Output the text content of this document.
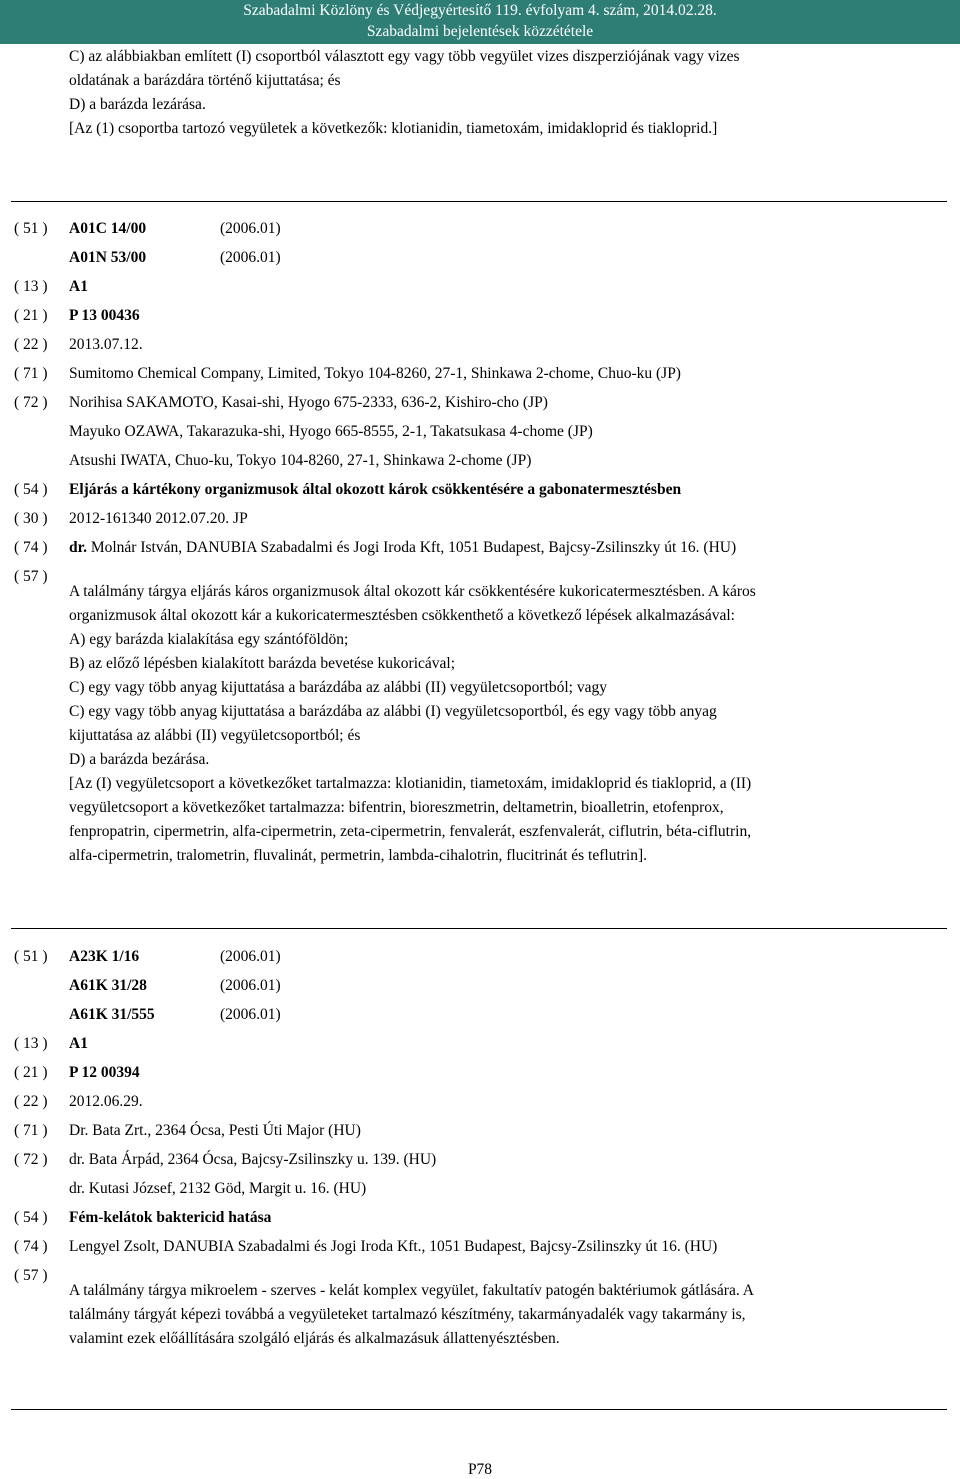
Szabadalmi Közlöny és Védjegyértesítő 119. évfolyam 4. szám, 2014.02.28.
Szabadalmi bejelentések közzététele
C) az alábbiakban említett (I) csoportból választott egy vagy több vegyület vizes diszperziójának vagy vizes
oldatának a barázdára történő kijuttatása; és
D) a barázda lezárása.
[Az (1) csoportba tartozó vegyületek a következők: klotianidin, tiametoxám, imidakloprid és tiakloprid.]
( 51 ) A01C 14/00	(2006.01)
A01N 53/00	(2006.01)
( 13 ) A1
( 21 ) P 13 00436
( 22 ) 2013.07.12.
( 71 ) Sumitomo Chemical Company, Limited, Tokyo 104-8260, 27-1, Shinkawa 2-chome, Chuo-ku (JP)
( 72 ) Norihisa SAKAMOTO, Kasai-shi, Hyogo 675-2333, 636-2, Kishiro-cho (JP)
Mayuko OZAWA, Takarazuka-shi, Hyogo 665-8555, 2-1, Takatsukasa 4-chome (JP)
Atsushi IWATA, Chuo-ku, Tokyo 104-8260, 27-1, Shinkawa 2-chome (JP)
( 54 ) Eljárás a kártékony organizmusok által okozott károk csökkentésére a gabonatermesztésben
( 30 ) 2012-161340 2012.07.20. JP
( 74 ) dr. Molnár István, DANUBIA Szabadalmi és Jogi Iroda Kft, 1051 Budapest, Bajcsy-Zsilinszky út 16. (HU)
( 57 )
A találmány tárgya eljárás káros organizmusok által okozott kár csökkentésére kukoricatermesztésben. A káros
organizmusok által okozott kár a kukoricatermesztésben csökkenthető a következő lépések alkalmazásával:
A) egy barázda kialakítása egy szántóföldön;
B) az előző lépésben kialakított barázda bevetése kukoricával;
C) egy vagy több anyag kijuttatása a barázdába az alábbi (II) vegyületcsoportból; vagy
C) egy vagy több anyag kijuttatása a barázdába az alábbi (I) vegyületcsoportból, és egy vagy több anyag
kijuttatása az alábbi (II) vegyületcsoportból; és
D) a barázda bezárása.
[Az (I) vegyületcsoport a következőket tartalmazza: klotianidin, tiametoxám, imidakloprid és tiakloprid, a (II)
vegyületcsoport a következőket tartalmazza: bifentrin, bioreszmetrin, deltametrin, bioalletrin, etofenprox,
fenpropatrin, cipermetrin, alfa-cipermetrin, zeta-cipermetrin, fenvalerát, eszfenvalerát, ciflutrin, béta-ciflutrin,
alfa-cipermetrin, tralometrin, fluvalinát, permetrin, lambda-cihalotrin, flucitrinát és teflutrin].
( 51 ) A23K 1/16	(2006.01)
A61K 31/28	(2006.01)
A61K 31/555	(2006.01)
( 13 ) A1
( 21 ) P 12 00394
( 22 ) 2012.06.29.
( 71 ) Dr. Bata Zrt., 2364 Ócsa, Pesti Úti Major (HU)
( 72 ) dr. Bata Árpád, 2364 Ócsa, Bajcsy-Zsilinszky u. 139. (HU)
dr. Kutasi József, 2132 Göd, Margit u. 16. (HU)
( 54 ) Fém-kelátok baktericid hatása
( 74 ) Lengyel Zsolt, DANUBIA Szabadalmi és Jogi Iroda Kft., 1051 Budapest, Bajcsy-Zsilinszky út 16. (HU)
( 57 )
A találmány tárgya mikroelem - szerves - kelát komplex vegyület, fakultatív patogén baktériumok gátlására. A
találmány tárgyát képezi továbbá a vegyületeket tartalmazó készítmény, takarmányadalék vagy takarmány is,
valamint ezek előállítására szolgáló eljárás és alkalmazásuk állattenyésztésben.
P78
